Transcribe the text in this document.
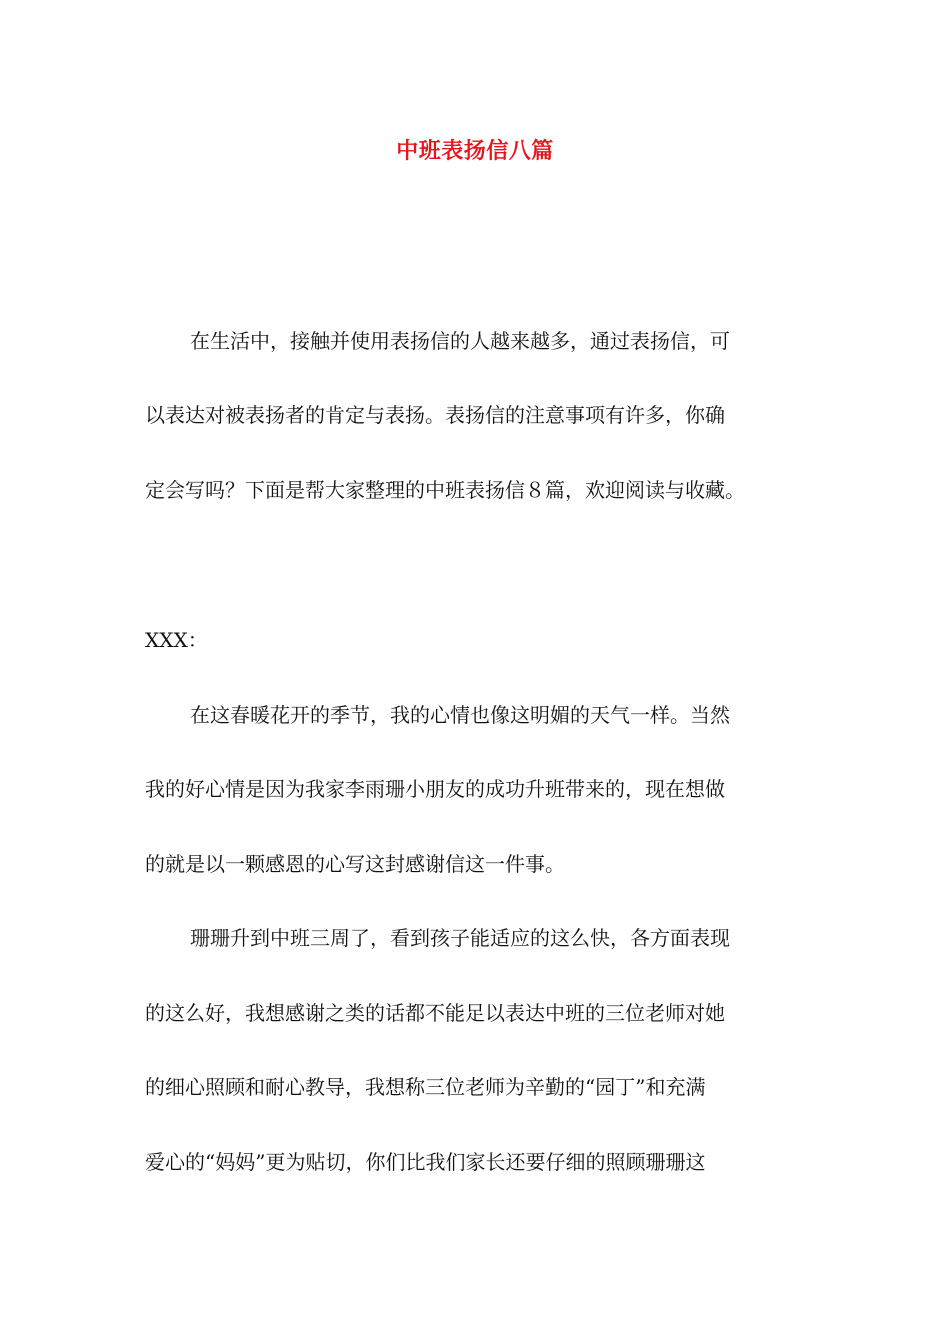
中班表扬信八篇
在生活中，接触并使用表扬信的人越来越多，通过表扬信，可
以表达对被表扬者的肯定与表扬。表扬信的注意事项有许多，你确
定会写吗？下面是帮大家整理的中班表扬信８篇，欢迎阅读与收藏。
XXX：
在这春暖花开的季节，我的心情也像这明媚的天气一样。当然
我的好心情是因为我家李雨珊小朋友的成功升班带来的，现在想做
的就是以一颗感恩的心写这封感谢信这一件事。
珊珊升到中班三周了，看到孩子能适应的这么快，各方面表现
的这么好，我想感谢之类的话都不能足以表达中班的三位老师对她
的细心照顾和耐心教导，我想称三位老师为辛勤的“园丁”和充满
爱心的“妈妈”更为贴切，你们比我们家长还要仔细的照顾珊珊这
